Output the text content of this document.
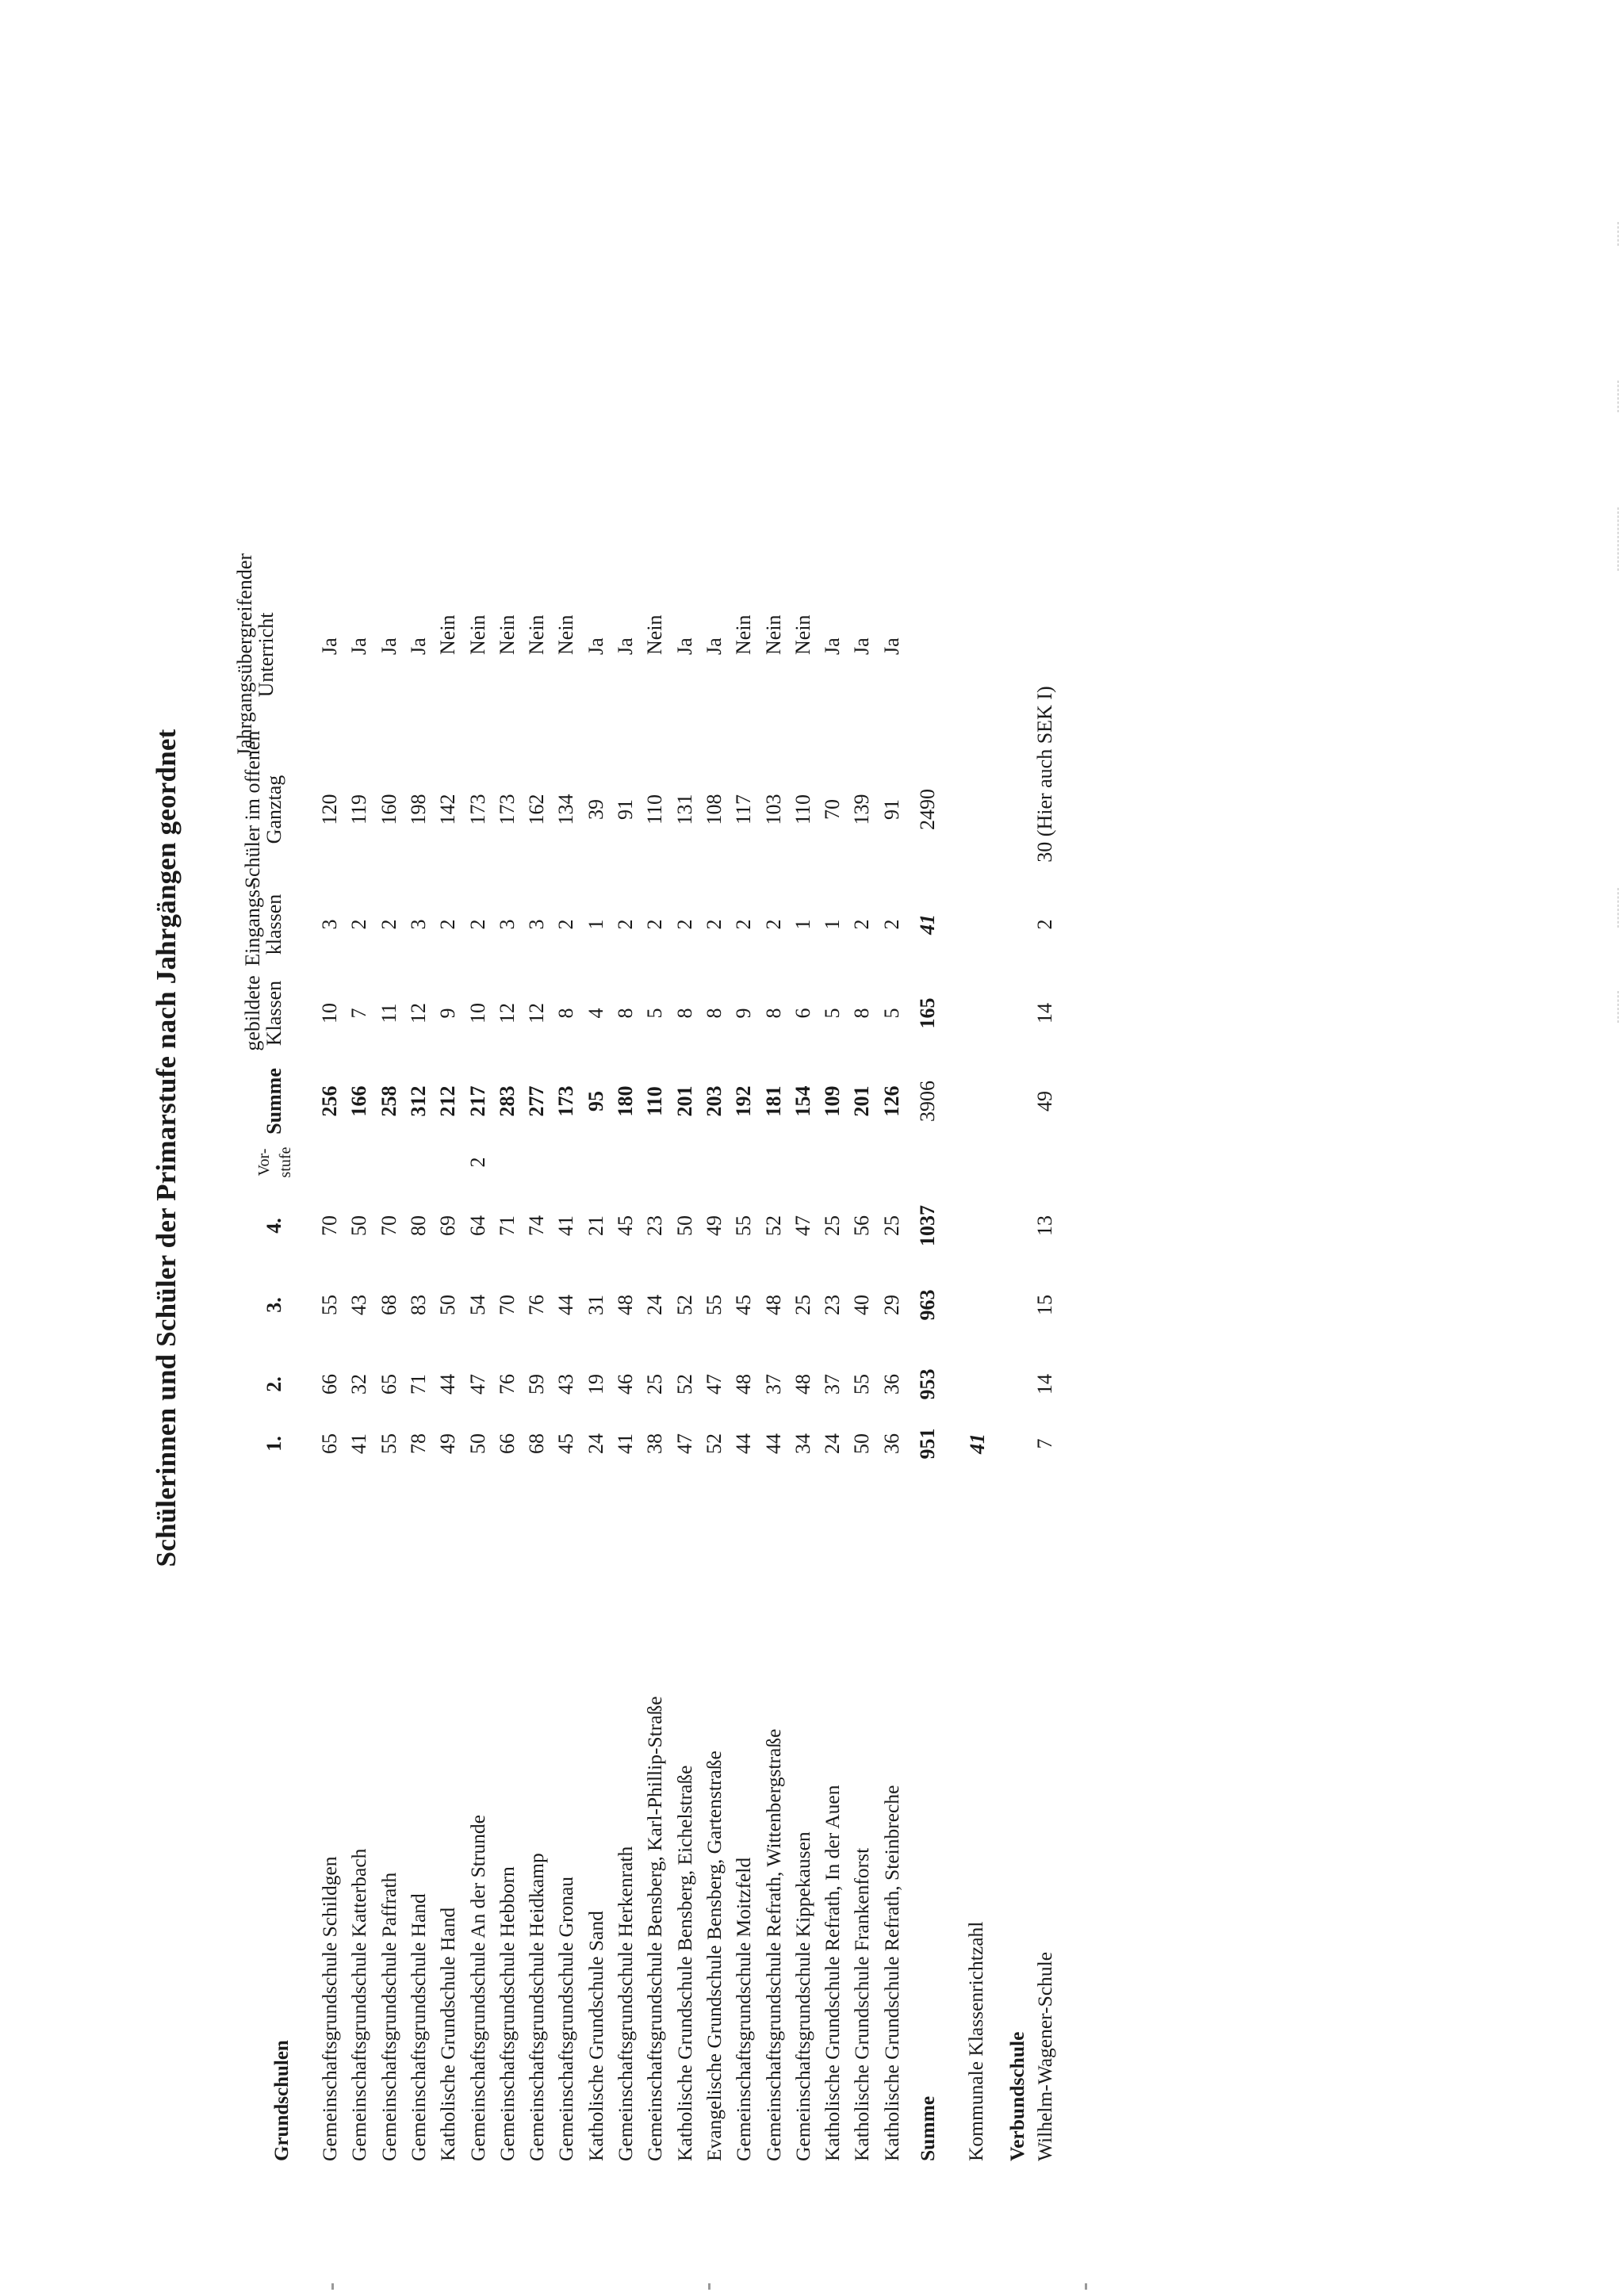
Schülerinnen und Schüler der Primarstufe nach Jahrgängen geordnet
Grundschulen
1.
2.
3.
4.
Vor- stufe
Summe
gebildete
Klassen
Eingangs-
klassen
Schüler im offenen
Ganztag
Jahrgangsübergreifender
Unterricht
Gemeinschaftsgrundschule Schildgen
65
66
55
70
256
10
3
120
Ja
Gemeinschaftsgrundschule Katterbach
41
32
43
50
166
7
2
119
Ja
Gemeinschaftsgrundschule Paffrath
55
65
68
70
258
11
2
160
Ja
Gemeinschaftsgrundschule Hand
78
71
83
80
312
12
3
198
Ja
Katholische Grundschule Hand
49
44
50
69
212
9
2
142
Nein
Gemeinschaftsgrundschule An der Strunde
50
47
54
64
2
217
10
2
173
Nein
Gemeinschaftsgrundschule Hebborn
66
76
70
71
283
12
3
173
Nein
Gemeinschaftsgrundschule Heidkamp
68
59
76
74
277
12
3
162
Nein
Gemeinschaftsgrundschule Gronau
45
43
44
41
173
8
2
134
Nein
Katholische Grundschule Sand
24
19
31
21
95
4
1
39
Ja
Gemeinschaftsgrundschule Herkenrath
41
46
48
45
180
8
2
91
Ja
Gemeinschaftsgrundschule Bensberg, Karl-Phillip-Straße
38
25
24
23
110
5
2
110
Nein
Katholische Grundschule Bensberg, Eichelstraße
47
52
52
50
201
8
2
131
Ja
Evangelische Grundschule Bensberg, Gartenstraße
52
47
55
49
203
8
2
108
Ja
Gemeinschaftsgrundschule Moitzfeld
44
48
45
55
192
9
2
117
Nein
Gemeinschaftsgrundschule Refrath, Wittenbergstraße
44
37
48
52
181
8
2
103
Nein
Gemeinschaftsgrundschule Kippekausen
34
48
25
47
154
6
1
110
Nein
Katholische Grundschule Refrath, In der Auen
24
37
23
25
109
5
1
70
Ja
Katholische Grundschule Frankenforst
50
55
40
56
201
8
2
139
Ja
Katholische Grundschule Refrath, Steinbreche
36
36
29
25
126
5
2
91
Ja
Summe
951
953
963
1037
3906
165
41
2490
Kommunale Klassenrichtzahl
41
Verbundschule Wilhelm-Wagener-Schule
7
14
15
13
49
14
2
30 (Hier auch SEK I)
